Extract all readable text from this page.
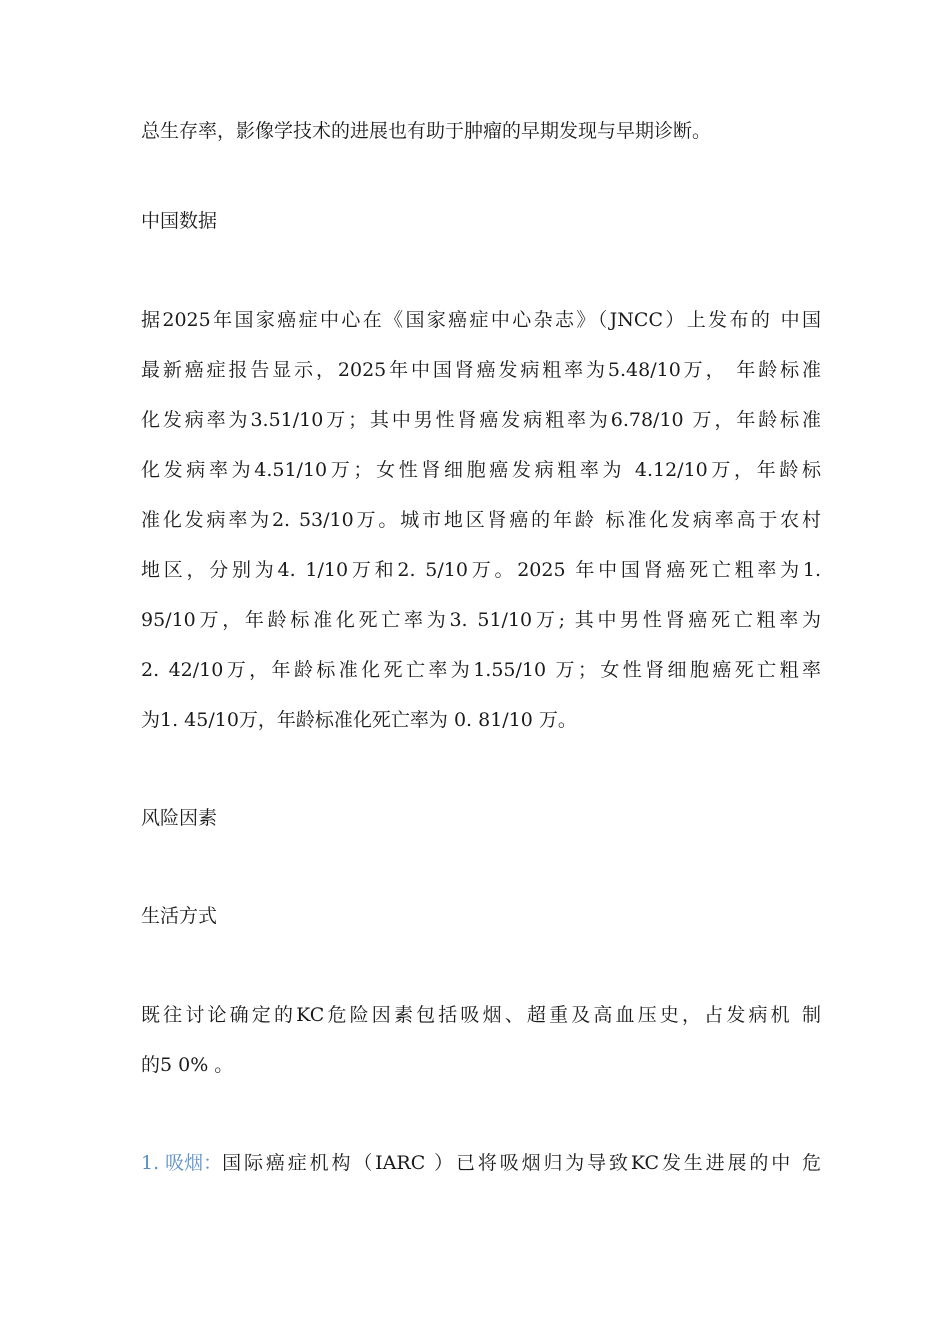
总生存率，影像学技术的进展也有助于肿瘤的早期发现与早期诊断。
中国数据
据2025年国家癌症中心在《国家癌症中心杂志》（JNCC）上发布的 中国
最新癌症报告显示，2025年中国肾癌发病粗率为5.48/10万， 年龄标准
化发病率为3.51/10万；其中男性肾癌发病粗率为6.78/10 万，年龄标准
化发病率为4.51/10万；女性肾细胞癌发病粗率为 4.12/10万，年龄标
准化发病率为2. 53/10万。城市地区肾癌的年龄 标准化发病率高于农村
地区，分别为4. 1/10万和2. 5/10万。2025 年中国肾癌死亡粗率为1.
95/10万，年龄标准化死亡率为3. 51/10万; 其中男性肾癌死亡粗率为
2. 42/10万，年龄标准化死亡率为1.55/10 万；女性肾细胞癌死亡粗率
为1. 45/10万，年龄标准化死亡率为 0. 81/10 万。
风险因素
生活方式
既往讨论确定的KC危险因素包括吸烟、超重及高血压史，占发病机 制
的5 0% 。
1. 吸烟： 国际癌症机构（IARC ）已将吸烟归为导致KC发生进展的中 危
